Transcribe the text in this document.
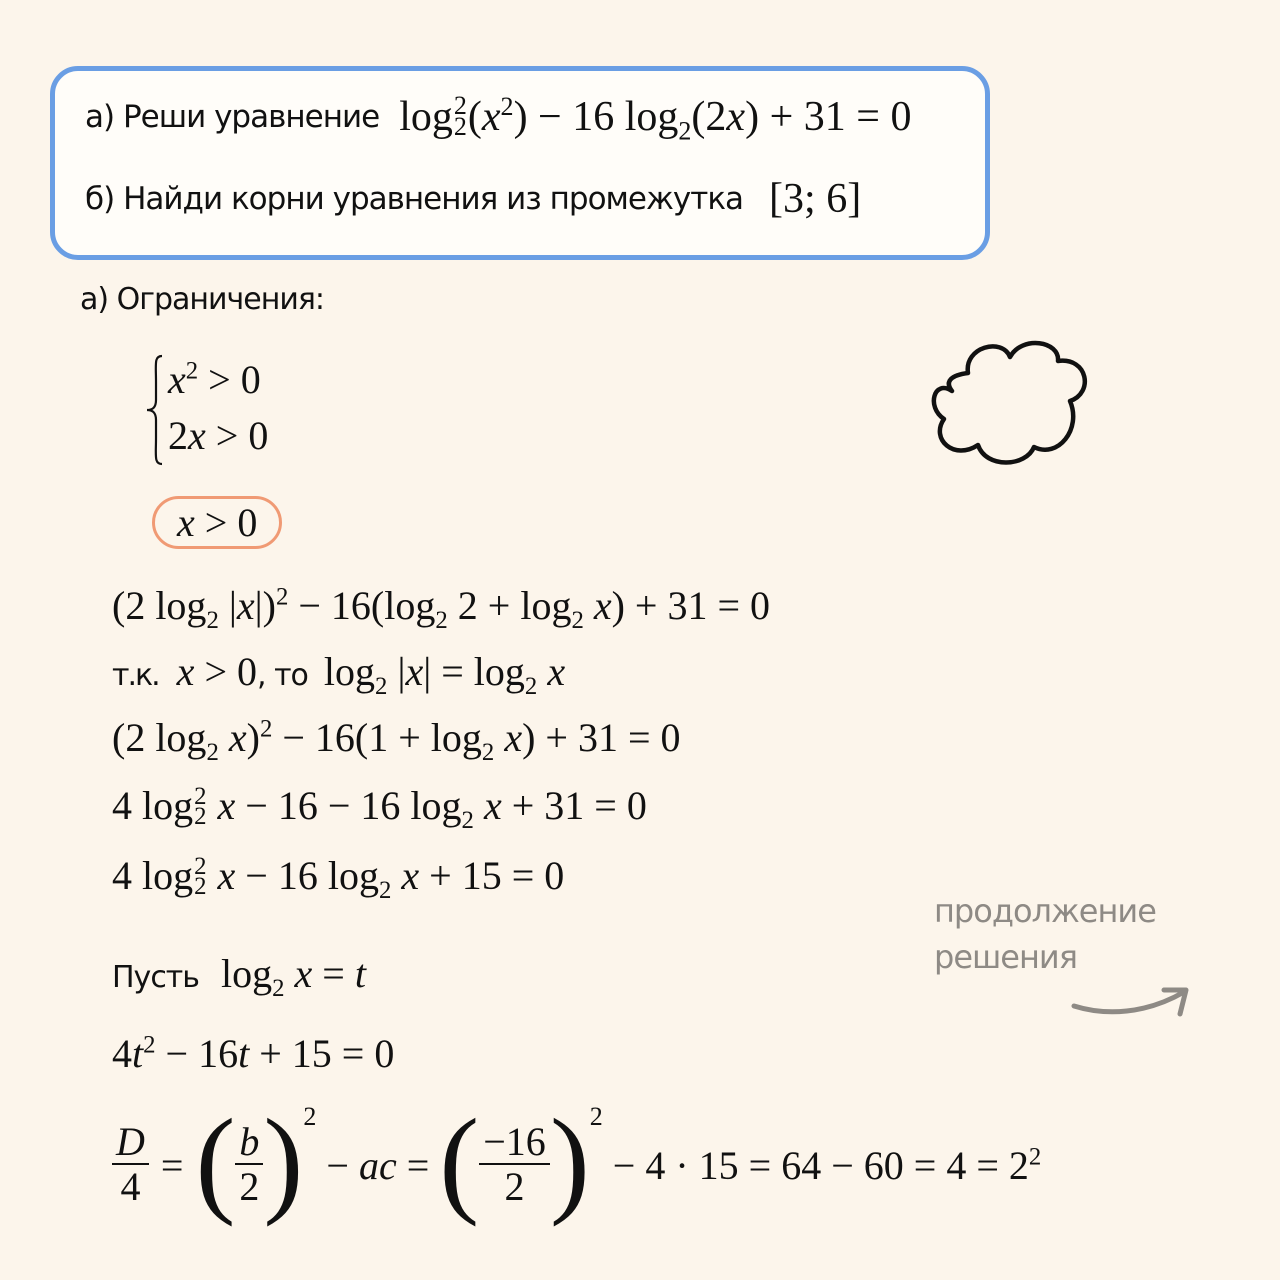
а) Реши уравнение log 2
2 $(x^2) - 16$ $\log_2(2x) + 31 = 0$
б) Найди корни уравнения из промежутка [3; 6]
а) Ограничения:
$x^2 > 0$
2x > 0
x > 0
(2 $\log_2 |x|)^2 - 16(\log_2$ $2 + \log_2 x) + 31 = 0$
т.к. x > 0 , то $\log_2 |x| = \log_2 x$
(2 $\log_2 x)^2 - 16(1 + \log_2 x) + 31 = 0$
4 log 2
2 x − 16 − 16 $\log_2 x + 31 = 0$
4 log 2
2 x − 16 $\log_2 x + 15 = 0$
Пусть $\log_2 x = t$
$4t^2 - 16t + 15 = 0$
$\frac{D}{4}$ = ( $\frac{b}{2}$ ) 2
− ac = ( $\frac{-16}{2}$ ) 2
− $4 \cdot 15 = 64 - 60 = 4 = 2^2$
продолжение
решения
